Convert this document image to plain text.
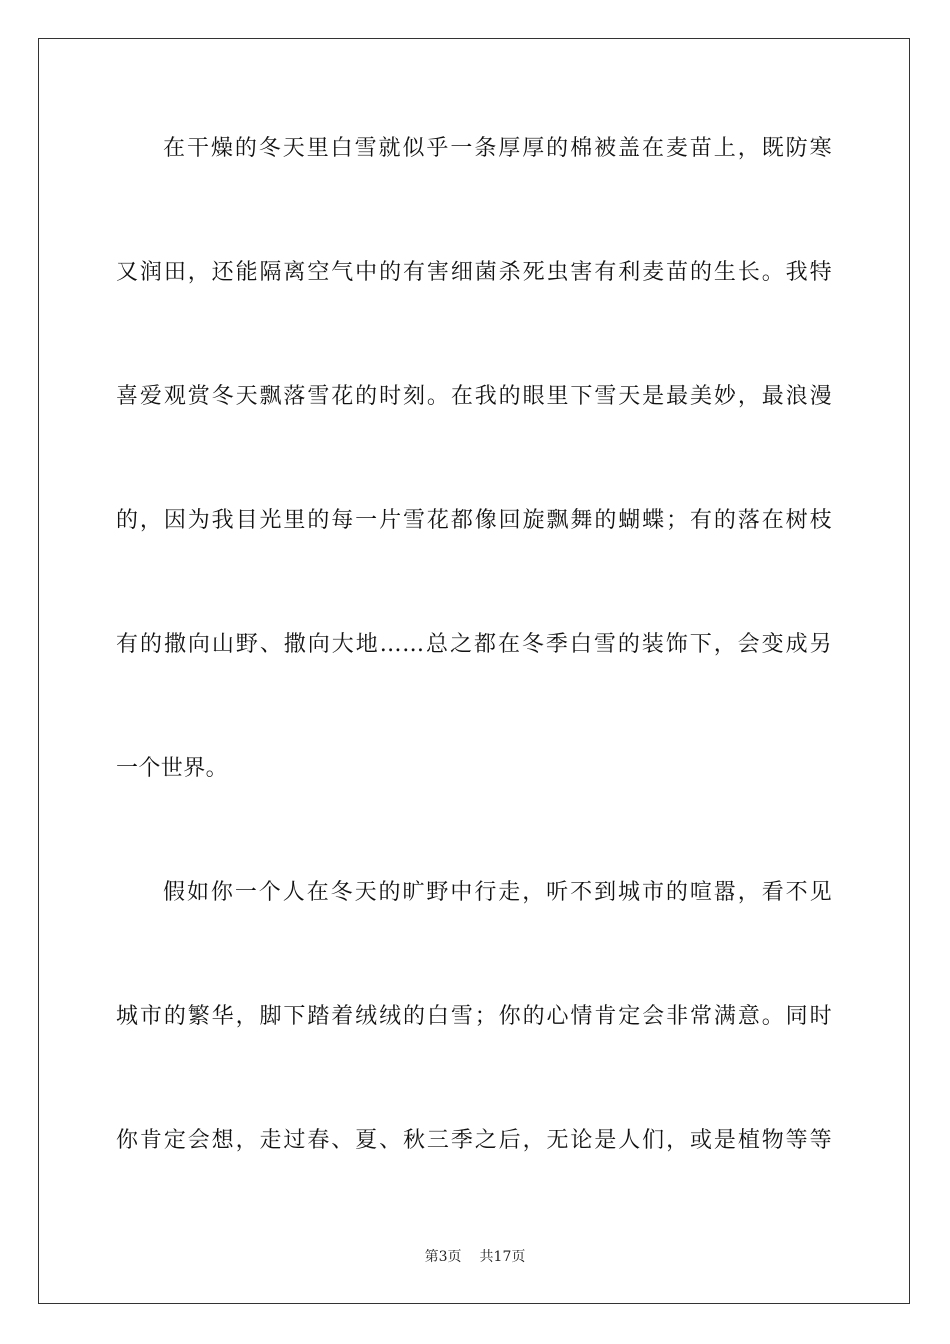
在干燥的冬天里白雪就似乎一条厚厚的棉被盖在麦苗上，既防寒
又润田，还能隔离空气中的有害细菌杀死虫害有利麦苗的生长。我特
喜爱观赏冬天飘落雪花的时刻。在我的眼里下雪天是最美妙，最浪漫
的，因为我目光里的每一片雪花都像回旋飘舞的蝴蝶；有的落在树枝
有的撒向山野、撒向大地……总之都在冬季白雪的装饰下，会变成另
一个世界。
假如你一个人在冬天的旷野中行走，听不到城市的喧嚣，看不见
城市的繁华，脚下踏着绒绒的白雪；你的心情肯定会非常满意。同时
你肯定会想，走过春、夏、秋三季之后，无论是人们，或是植物等等
第3页 共17页
